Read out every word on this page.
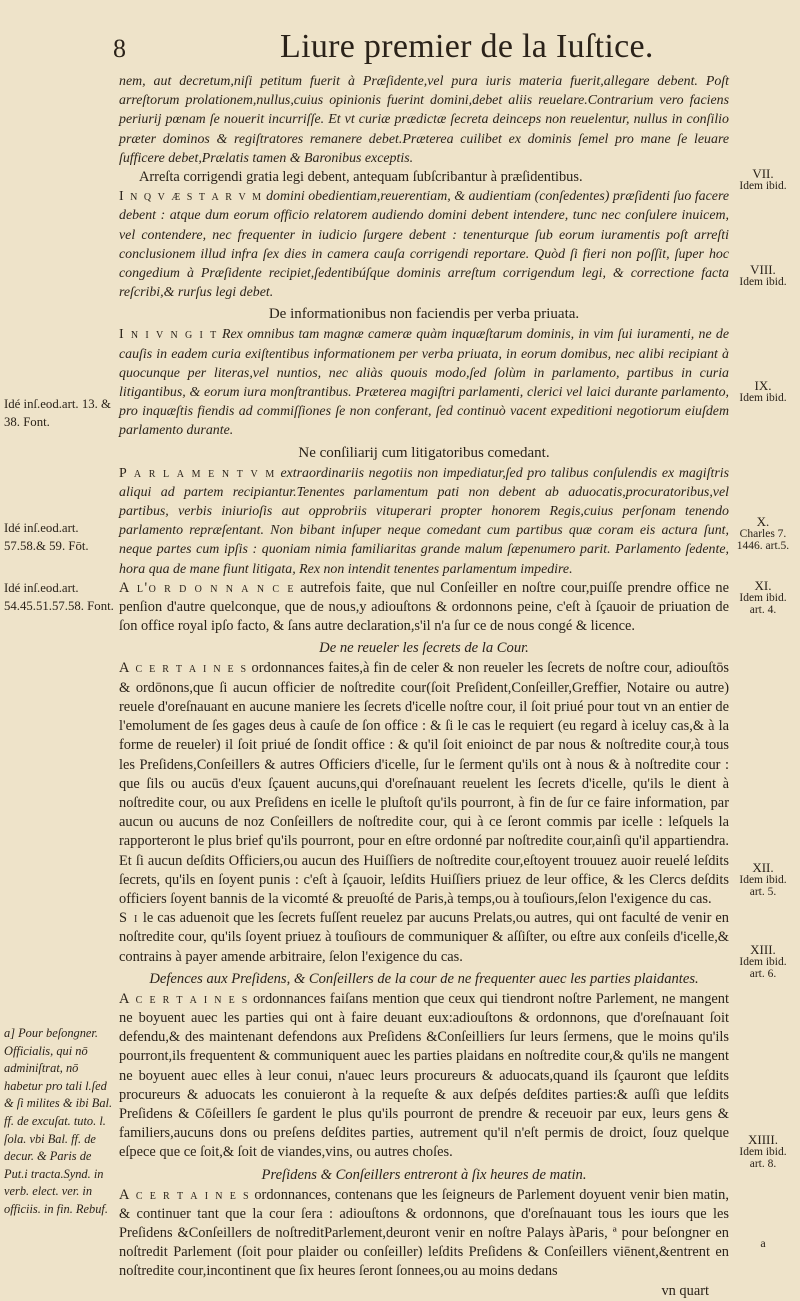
8	Liure premier de la Iuſtice.

nem, aut decretum,niſi petitum fuerit à Præſidente,vel pura iuris materia fuerit,allegare debent. Poſt arreſtorum prolationem,nullus,cuius opinionis fuerint domini,debet aliis reuelare.Contrarium vero faciens periurij pœnam ſe nouerit incurriſſe. Et vt curiæ prædictæ ſecreta deinceps non reuelentur, nullus in conſilio præter dominos & regiſtratores remanere debet.Præterea cuilibet ex dominis ſemel pro mane ſe leuare ſufficere debet,Prælatis tamen & Baronibus exceptis.

Arreſta corrigendi gratia legi debent, antequam ſubſcribantur à præſidentibus.

I n q v æ s t a r v m domini obedientiam,reuerentiam, & audientiam (conſedentes) præſidenti ſuo facere debent : atque dum eorum officio relatorem audiendo domini debent intendere, tunc nec conſulere inuicem, vel contendere, nec frequenter in iudicio ſurgere debent : tenenturque ſub eorum iuramentis poſt arreſti conclusionem illud infra ſex dies in camera cauſa corrigendi reportare. Quòd ſi fieri non poſſit, ſuper hoc congedium à Præſidente recipiet,ſedentibúſque dominis arreſtum corrigendum legi, & correctione facta reſcribi,& rurſus legi debet.

De informationibus non faciendis per verba priuata.

I n i v n g i t Rex omnibus tam magnæ cameræ quàm inquæſtarum dominis, in vim ſui iuramenti, ne de cauſis in eadem curia exiſtentibus informationem per verba priuata, in eorum domibus, nec alibi recipiant à quocunque per literas,vel nuntios, nec aliàs quouis modo,ſed ſolùm in parlamento, partibus in curia litigantibus, & eorum iura monſtrantibus. Præterea magiſtri parlamenti, clerici vel laici durante parlamento, pro inquæſtis fiendis ad commiſſiones ſe non conferant, ſed continuò vacent expeditioni negotiorum eiuſdem parlamento durante.

Ne conſiliarij cum litigatoribus comedant.

P a r l a m e n t v m extraordinariis negotiis non impediatur,ſed pro talibus conſulendis ex magiſtris aliqui ad partem recipiantur.Tenentes parlamentum pati non debent ab aduocatis,procuratoribus,vel partibus, verbis iniurioſis aut opprobriis vituperari propter honorem Regis,cuius perſonam tenendo parlamento repræſentant. Non bibant inſuper neque comedant cum partibus quæ coram eis actura ſunt, neque partes cum ipſis : quoniam nimia familiaritas grande malum ſæpenumero parit. Parlamento ſedente, hora qua de mane fiunt litigata, Rex non intendit tenentes parlamentum impedire.

A l'o r d o n n a n c e autrefois faite, que nul Conſeiller en noſtre cour,puiſſe prendre office ne penſion d'autre quelconque, que de nous,y adiouſtons & ordonnons peine, c'eſt à ſçauoir de priuation de ſon office royal ipſo facto, & ſans autre declaration,s'il n'a ſur ce de nous congé & licence.

De ne reueler les ſecrets de la Cour.

A c e r t a i n e s ordonnances faites,à fin de celer & non reueler les ſecrets de noſtre cour, adiouſtōs & ordōnons,que ſi aucun officier de noſtredite cour(ſoit Preſident,Conſeiller,Greffier, Notaire ou autre) reuele d'oreſnauant en aucune maniere les ſecrets d'icelle noſtre cour, il ſoit priué pour tout vn an entier de l'emolument de ſes gages deus à cauſe de ſon office : & ſi le cas le requiert (eu regard à iceluy cas,& à la forme de reueler) il ſoit priué de ſondit office : & qu'il ſoit enioinct de par nous & noſtredite cour,à tous les Preſidens,Conſeillers & autres Officiers d'icelle, ſur le ſerment qu'ils ont à nous & à noſtredite cour : que ſils ou aucūs d'eux ſçauent aucuns,qui d'oreſnauant reuelent les ſecrets d'icelle, qu'ils le dient à noſtredite cour, ou aux Preſidens en icelle le pluſtoſt qu'ils pourront, à fin de ſur ce faire information, par aucun ou aucuns de noz Conſeillers de noſtredite cour, qui à ce ſeront commis par icelle : leſquels la rapporteront le plus brief qu'ils pourront, pour en eſtre ordonné par noſtredite cour,ainſi qu'il appartiendra. Et ſi aucun deſdits Officiers,ou aucun des Huiſſiers de noſtredite cour,eſtoyent trouuez auoir reuelé leſdits ſecrets, qu'ils en ſoyent punis : c'eſt à ſçauoir, leſdits Huiſſiers priuez de leur office, & les Clercs deſdits officiers ſoyent bannis de la vicomté & preuoſté de Paris,à temps,ou à touſiours,ſelon l'exigence du cas.

S i le cas aduenoit que les ſecrets fuſſent reuelez par aucuns Prelats,ou autres, qui ont faculté de venir en noſtredite cour, qu'ils ſoyent priuez à touſiours de communiquer & aſſiſter, ou eſtre aux conſeils d'icelle,& contrains à payer amende arbitraire, ſelon l'exigence du cas.

Defences aux Preſidens, & Conſeillers de la cour de ne frequenter auec les parties plaidantes.

A c e r t a i n e s ordonnances faiſans mention que ceux qui tiendront noſtre Parlement, ne mangent ne boyuent auec les parties qui ont à faire deuant eux:adiouſtons & ordonnons, que d'oreſnauant ſoit defendu,& des maintenant defendons aux Preſidens &Conſeilliers ſur leurs ſermens, que le moins qu'ils pourront,ils frequentent & communiquent auec les parties plaidans en noſtredite cour,& qu'ils ne mangent ne boyuent auec elles à leur conui, n'auec leurs procureurs & aduocats,quand ils ſçauront que leſdits procureurs & aduocats les conuieront à la requeſte & aux deſpés deſdites parties:& auſſi que leſdits Preſidens & Cōſeillers ſe gardent le plus qu'ils pourront de prendre & receuoir par eux, leurs gens & familiers,aucuns dons ou preſens deſdites parties, autrement qu'il n'eſt permis de droict, ſouz quelque eſpece que ce ſoit,& ſoit de viandes,vins, ou autres choſes.

Preſidens & Conſeillers entreront à ſix heures de matin.

A c e r t a i n e s ordonnances, contenans que les ſeigneurs de Parlement doyuent venir bien matin, & continuer tant que la cour ſera : adiouſtons & ordonnons, que d'oreſnauant tous les iours que les Preſidens &Conſeillers de noſtreditParlement,deuront venir en noſtre Palays àParis, ª pour beſongner en noſtredit Parlement (ſoit pour plaider ou conſeiller) leſdits Preſidens & Conſeillers viēnent,&entrent en noſtredite cour,incontinent que ſix heures ſeront ſonnees,ou au moins dedans

vn quart
VII.
Idem ibid.
VIII.
Idem ibid.
IX.
Idem ibid.
X.
Charles 7. 1446. art.5.
XI.
Idem ibid. art. 4.
XII.
Idem ibid. art. 5.
XIII.
Idem ibid. art. 6.
XIIII.
Idem ibid. art. 8.
Idé inſ.eod.art. 13. & 38. Font.
Idé inſ.eod.art. 57.58.& 59. Fōt.
Idé inſ.eod.art. 54.45.51.57.58. Font.
a] Pour beſongner. Officialis, qui nō adminiſtrat, nō habetur pro tali l.ſed & ſi milites & ibi Bal. ff. de excuſat. tuto. l. ſola. vbi Bal. ff. de decur. & Paris de Put.i tracta.Synd. in verb. elect. ver. in officiis. in fin. Rebuf.
a
